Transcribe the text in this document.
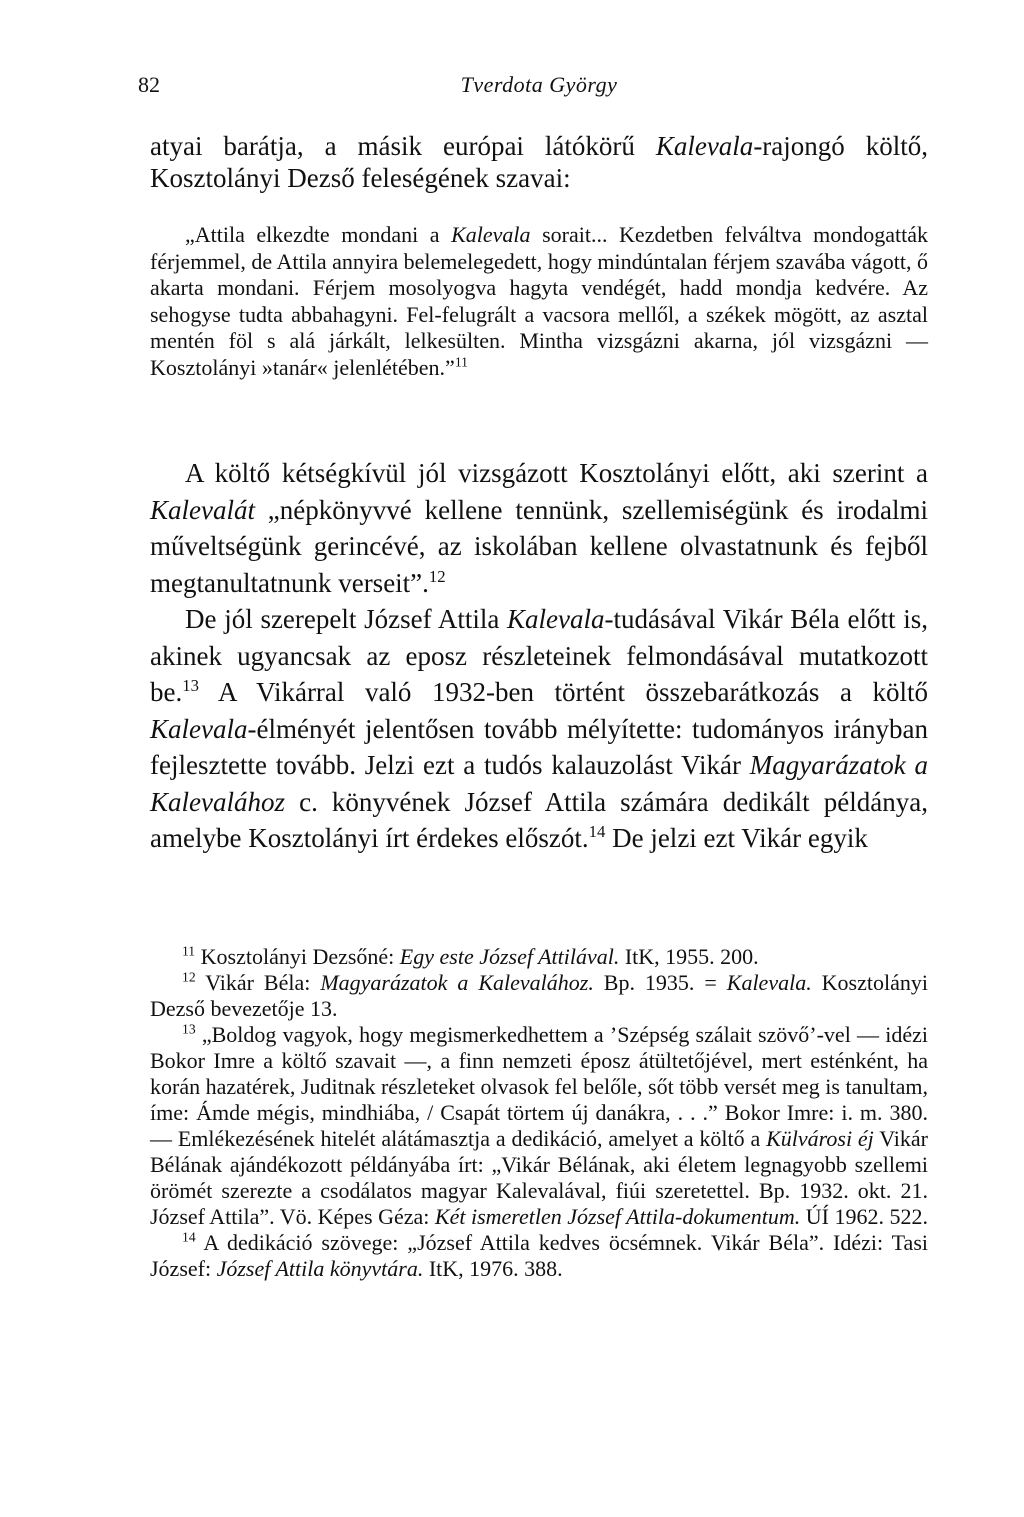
82	Tverdota György

atyai barátja, a másik európai látókörű Kalevala-rajongó költő, Kosztolányi Dezső feleségének szavai:

„Attila elkezdte mondani a Kalevala sorait... Kezdetben felváltva mondogatták férjemmel, de Attila annyira belemelegedett, hogy mindúntalan férjem szavába vágott, ő akarta mondani. Férjem mosolyogva hagyta vendégét, hadd mondja kedvére. Az sehogyse tudta abbahagyni. Fel-felugrált a vacsora mellől, a székek mögött, az asztal mentén föl s alá járkált, lelkesülten. Mintha vizsgázni akarna, jól vizsgázni — Kosztolányi »tanár« jelenlétében.”$^{11}$

A költő kétségkívül jól vizsgázott Kosztolányi előtt, aki szerint a Kalevalát „népkönyvvé kellene tennünk, szellemiségünk és irodalmi műveltségünk gerincévé, az iskolában kellene olvastatnunk és fejből megtanultatnunk verseit”.$^{12}$

De jól szerepelt József Attila Kalevala-tudásával Vikár Béla előtt is, akinek ugyancsak az eposz részleteinek felmondásával mutatkozott be.$^{13}$ A Vikárral való 1932-ben történt összebarátkozás a költő Kalevala-élményét jelentősen tovább mélyítette: tudományos irányban fejlesztette tovább. Jelzi ezt a tudós kalauzolást Vikár Magyarázatok a Kalevalához c. könyvének József Attila számára dedikált példánya, amelybe Kosztolányi írt érdekes előszót.$^{14}$ De jelzi ezt Vikár egyik

$^{11}$ Kosztolányi Dezsőné: Egy este József Attilával. ItK, 1955. 200.

$^{12}$ Vikár Béla: Magyarázatok a Kalevalához. Bp. 1935. = Kalevala. Kosztolányi Dezső bevezetője 13.

$^{13}$ „Boldog vagyok, hogy megismerkedhettem a ’Szépség szálait szövő’-vel — idézi Bokor Imre a költő szavait —, a finn nemzeti éposz átültetőjével, mert esténként, ha korán hazatérek, Juditnak részleteket olvasok fel belőle, sőt több versét meg is tanultam, íme: Ámde mégis, mindhiába, / Csapát törtem új danákra, . . .” Bokor Imre: i. m. 380. — Emlékezésének hitelét alátámasztja a dedikáció, amelyet a költő a Külvárosi éj Vikár Bélának ajándékozott példányába írt: „Vikár Bélának, aki életem legnagyobb szellemi örömét szerezte a csodálatos magyar Kalevalával, fiúi szeretettel. Bp. 1932. okt. 21. József Attila”. Vö. Képes Géza: Két ismeretlen József Attila-dokumentum. ÚÍ 1962. 522.

$^{14}$ A dedikáció szövege: „József Attila kedves öcsémnek. Vikár Béla”. Idézi: Tasi József: József Attila könyvtára. ItK, 1976. 388.
